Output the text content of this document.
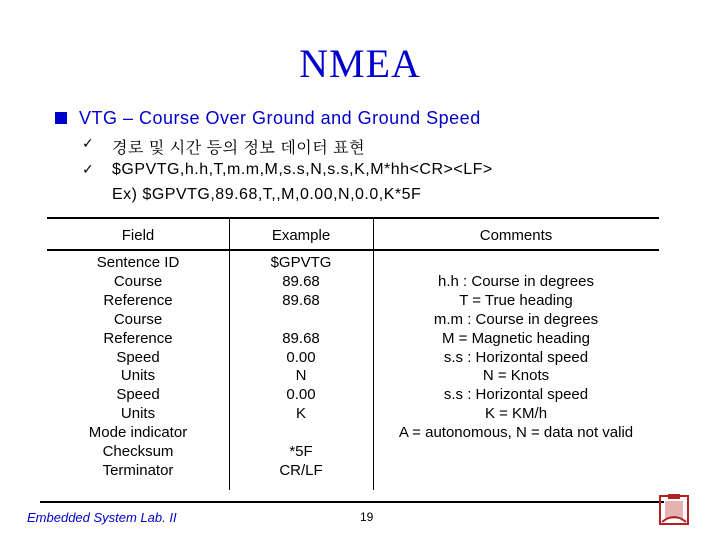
NMEA
VTG – Course Over Ground and Ground Speed
✓ 경로 및 시간 등의 정보 데이터 표현
✓ $GPVTG,h.h,T,m.m,M,s.s,N,s.s,K,M*hh<CR><LF>
Ex) $GPVTG,89.68,T,,M,0.00,N,0.0,K*5F
Field
Sentence ID
Course
Reference
Course
Reference
Speed
Units
Speed
Units
Mode indicator
Checksum
Terminator
Example
$GPVTG
89.68
89.68

89.68
0.00
N
0.00
K

*5F
CR/LF
Comments

h.h : Course in degrees
T = True heading
m.m : Course in degrees
M = Magnetic heading
s.s : Horizontal speed
N = Knots
s.s : Horizontal speed
K = KM/h
A = autonomous, N = data not valid

Embedded System Lab. II	19
